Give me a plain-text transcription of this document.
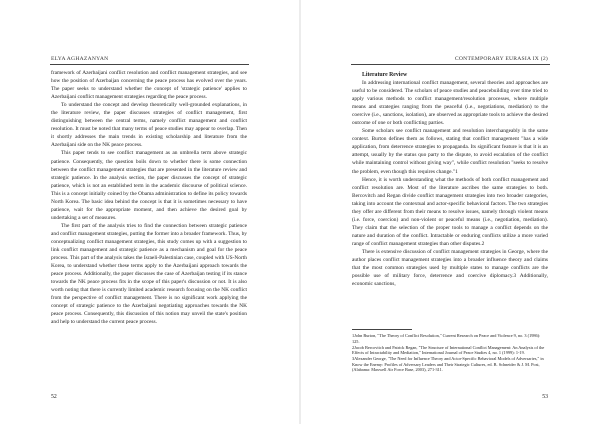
ELYA AGHAZANYAN

framework of Azerbaijani conflict resolution and conflict management strategies, and see how the position of Azerbaijan concerning the peace process has evolved over the years. The paper seeks to understand whether the concept of 'strategic patience' applies to Azerbaijani conflict management strategies regarding the peace process.

To understand the concept and develop theoretically well-grounded explanations, in the literature review, the paper discusses strategies of conflict management, first distinguishing between the central terms, namely conflict management and conflict resolution. It must be noted that many terms of peace studies may appear to overlap. Then it shortly addresses the main trends in existing scholarship and literature from the Azerbaijani side on the NK peace process.

This paper tends to see conflict management as an umbrella term above strategic patience. Consequently, the question boils down to whether there is some connection between the conflict management strategies that are presented in the literature review and strategic patience. In the analysis section, the paper discusses the concept of strategic patience, which is not an established term in the academic discourse of political science. This is a concept initially coined by the Obama administration to define its policy towards North Korea. The basic idea behind the concept is that it is sometimes necessary to have patience, wait for the appropriate moment, and then achieve the desired goal by undertaking a set of measures.

The first part of the analysis tries to find the connection between strategic patience and conflict management strategies, putting the former into a broader framework. Thus, by conceptualizing conflict management strategies, this study comes up with a suggestion to link conflict management and strategic patience as a mechanism and goal for the peace process. This part of the analysis takes the Israeli-Palestinian case, coupled with US-North Korea, to understand whether these terms apply to the Azerbaijani approach towards the peace process. Additionally, the paper discusses the case of Azerbaijan testing if its stance towards the NK peace process fits in the scope of this paper's discussion or not. It is also worth noting that there is currently limited academic research focusing on the NK conflict from the perspective of conflict management. There is no significant work applying the concept of strategic patience to the Azerbaijani negotiating approaches towards the NK peace process. Consequently, this discussion of this notion may unveil the state's position and help to understand the current peace process.

52
CONTEMPORARY EURASIA IX (2)

Literature Review

In addressing international conflict management, several theories and approaches are useful to be considered. The scholars of peace studies and peacebuilding over time tried to apply various methods to conflict management/resolution processes, where multiple means and strategies ranging from the peaceful (i.e., negotiations, mediation) to the coercive (i.e., sanctions, isolation), are observed as appropriate tools to achieve the desired outcome of one or both conflicting parties.

Some scholars see conflict management and resolution interchangeably in the same context. Burton defines them as follows, stating that conflict management "has a wide application, from deterrence strategies to propaganda. Its significant feature is that it is an attempt, usually by the status quo party to the dispute, to avoid escalation of the conflict while maintaining control without giving way", while conflict resolution "seeks to resolve the problem, even though this requires change."1

Hence, it is worth understanding what the methods of both conflict management and conflict resolution are. Most of the literature ascribes the same strategies to both. Bercovitch and Regan divide conflict management strategies into two broader categories, taking into account the contextual and actor-specific behavioral factors. The two strategies they offer are different from their means to resolve issues, namely through violent means (i.e. force, coercion) and non-violent or peaceful means (i.e., negotiation, mediation). They claim that the selection of the proper tools to manage a conflict depends on the nature and duration of the conflict. Intractable or enduring conflicts utilize a more varied range of conflict management strategies than other disputes.2

There is extensive discussion of conflict management strategies in George, where the author places conflict management strategies into a broader influence theory and claims that the most common strategies used by multiple states to manage conflicts are the possible use of military force, deterrence and coercive diplomacy.3 Additionally, economic sanctions,

1John Burton, "The Theory of Conflict Resolution," Current Research on Peace and Violence 9, no. 3 (1986): 125.

2Jacob Bercovitch and Patrick Regan, "The Structure of International Conflict Management: An Analysis of the Effects of Intractability and Mediation," International Journal of Peace Studies 4, no. 1 (1999): 1-19.

3Alexander George, "The Need for Influence Theory and Actor-Specific Behavioral Models of Adversaries," in Know the Enemy: Profiles of Adversary Leaders and Their Strategic Cultures, ed. B. Schneider & J. M. Post, (Alabama: Maxwell Air Force Base, 2003), 271-311.

53
